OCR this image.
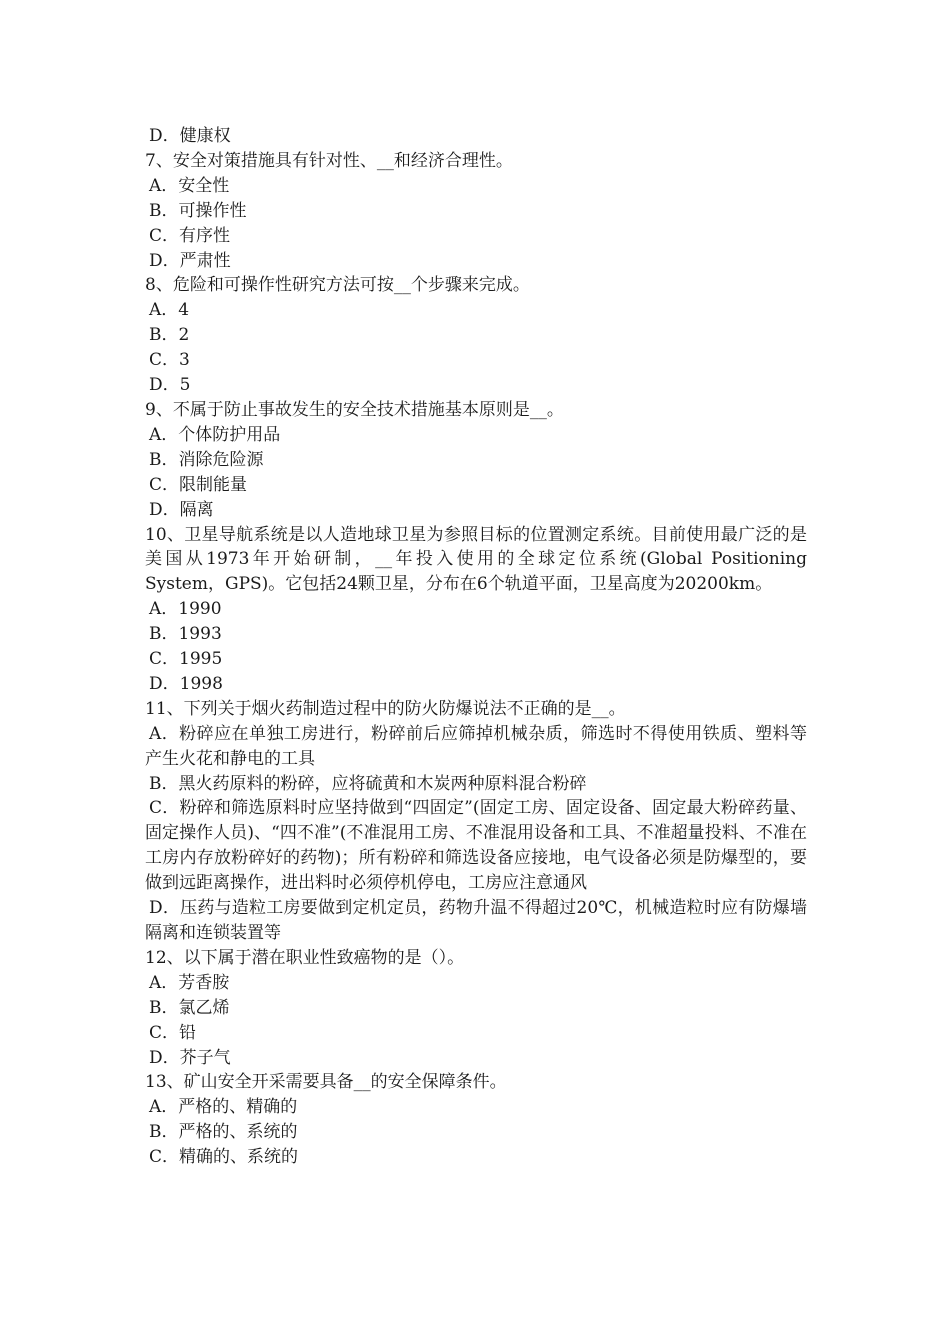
D．健康权
7、安全对策措施具有针对性、__和经济合理性。
A．安全性
B．可操作性
C．有序性
D．严肃性
8、危险和可操作性研究方法可按__个步骤来完成。
A．4
B．2
C．3
D．5
9、不属于防止事故发生的安全技术措施基本原则是__。
A．个体防护用品
B．消除危险源
C．限制能量
D．隔离
10、卫星导航系统是以人造地球卫星为参照目标的位置测定系统。目前使用最广泛的是美国从1973年开始研制，__年投入使用的全球定位系统(Global Positioning System，GPS)。它包括24颗卫星，分布在6个轨道平面，卫星高度为20200km。
A．1990
B．1993
C．1995
D．1998
11、下列关于烟火药制造过程中的防火防爆说法不正确的是__。
A．粉碎应在单独工房进行，粉碎前后应筛掉机械杂质，筛选时不得使用铁质、塑料等产生火花和静电的工具
B．黑火药原料的粉碎，应将硫黄和木炭两种原料混合粉碎
C．粉碎和筛选原料时应坚持做到“四固定”(固定工房、固定设备、固定最大粉碎药量、固定操作人员)、“四不准”(不准混用工房、不准混用设备和工具、不准超量投料、不准在工房内存放粉碎好的药物)；所有粉碎和筛选设备应接地，电气设备必须是防爆型的，要做到远距离操作，进出料时必须停机停电，工房应注意通风
D．压药与造粒工房要做到定机定员，药物升温不得超过20℃，机械造粒时应有防爆墙隔离和连锁装置等
12、以下属于潜在职业性致癌物的是（）。
A．芳香胺
B．氯乙烯
C．铅
D．芥子气
13、矿山安全开采需要具备__的安全保障条件。
A．严格的、精确的
B．严格的、系统的
C．精确的、系统的
